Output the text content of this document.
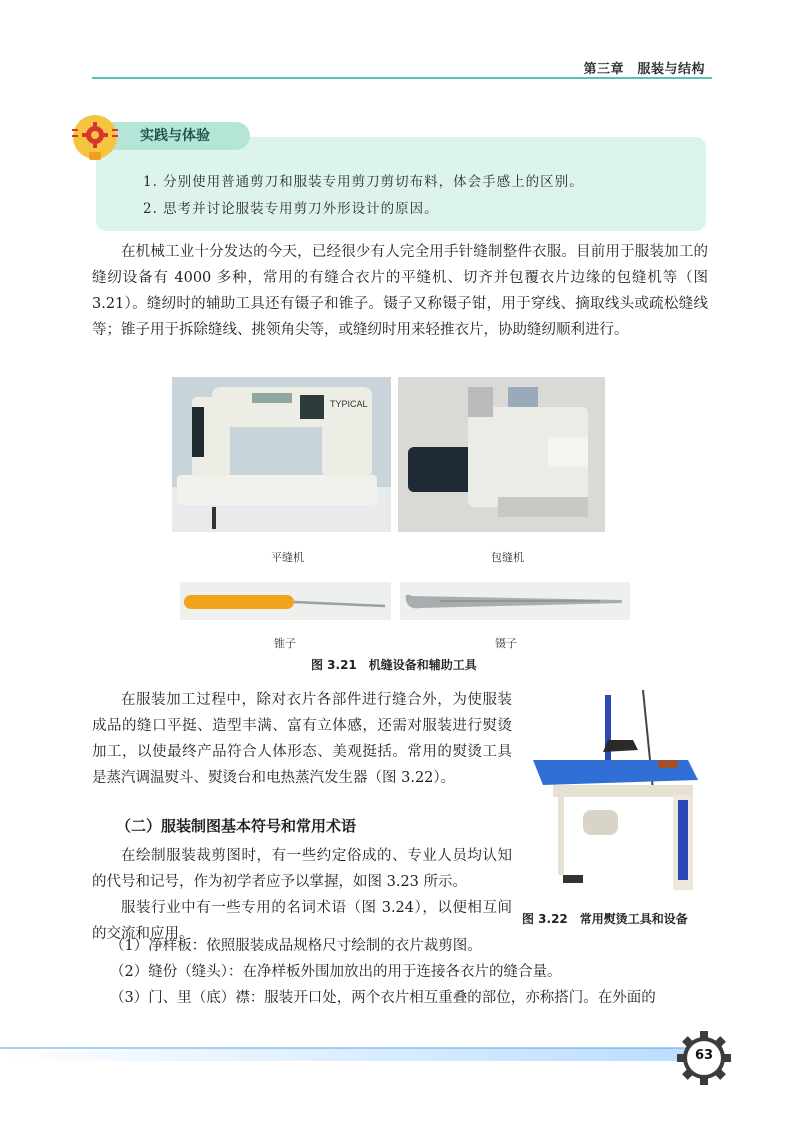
第三章　服装与结构
实践与体验
1. 分别使用普通剪刀和服装专用剪刀剪切布料，体会手感上的区别。
2. 思考并讨论服装专用剪刀外形设计的原因。
在机械工业十分发达的今天，已经很少有人完全用手针缝制整件衣服。目前用于服装加工的缝纫设备有 4000 多种，常用的有缝合衣片的平缝机、切齐并包覆衣片边缘的包缝机等（图 3.21）。缝纫时的辅助工具还有镊子和锥子。镊子又称镊子钳，用于穿线、摘取线头或疏松缝线等；锥子用于拆除缝线、挑领角尖等，或缝纫时用来轻推衣片，协助缝纫顺利进行。
TYPICAL
平缝机	包缝机
锥子	镊子
图 3.21　机缝设备和辅助工具
在服装加工过程中，除对衣片各部件进行缝合外，为使服装成品的缝口平挺、造型丰满、富有立体感，还需对服装进行熨烫加工，以使最终产品符合人体形态、美观挺括。常用的熨烫工具是蒸汽调温熨斗、熨烫台和电热蒸汽发生器（图 3.22）。
图 3.22　常用熨烫工具和设备
（二）服装制图基本符号和常用术语
在绘制服装裁剪图时，有一些约定俗成的、专业人员均认知的代号和记号，作为初学者应予以掌握，如图 3.23 所示。
服装行业中有一些专用的名词术语（图 3.24），以便相互间的交流和应用。
（1）净样板：依照服装成品规格尺寸绘制的衣片裁剪图。
（2）缝份（缝头）：在净样板外围加放出的用于连接各衣片的缝合量。
（3）门、里（底）襟：服装开口处，两个衣片相互重叠的部位，亦称搭门。在外面的
63
